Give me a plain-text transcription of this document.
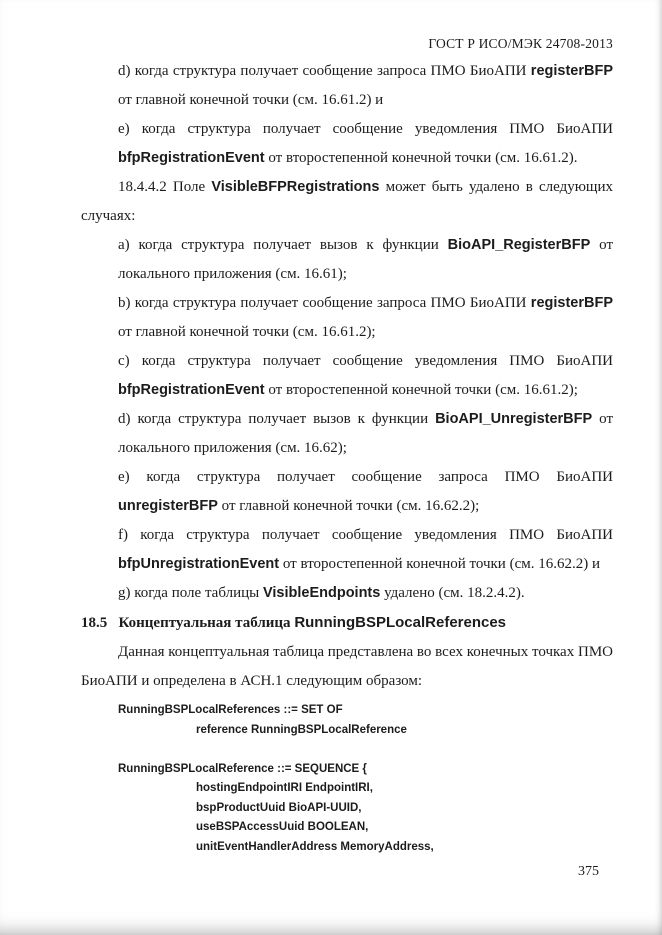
ГОСТ Р ИСО/МЭК 24708-2013

d) когда структура получает сообщение запроса ПМО БиоАПИ registerBFP от главной конечной точки (см. 16.61.2) и

e) когда структура получает сообщение уведомления ПМО БиоАПИ bfpRegistrationEvent от второстепенной конечной точки (см. 16.61.2).

18.4.4.2 Поле VisibleBFPRegistrations может быть удалено в следующих случаях:

a) когда структура получает вызов к функции BioAPI_RegisterBFP от локального приложения (см. 16.61);

b) когда структура получает сообщение запроса ПМО БиоАПИ registerBFP от главной конечной точки (см. 16.61.2);

c) когда структура получает сообщение уведомления ПМО БиоАПИ bfpRegistrationEvent от второстепенной конечной точки (см. 16.61.2);

d) когда структура получает вызов к функции BioAPI_UnregisterBFP от локального приложения (см. 16.62);

e) когда структура получает сообщение запроса ПМО БиоАПИ unregisterBFP от главной конечной точки (см. 16.62.2);

f) когда структура получает сообщение уведомления ПМО БиоАПИ bfpUnregistrationEvent от второстепенной конечной точки (см. 16.62.2) и

g) когда поле таблицы VisibleEndpoints удалено (см. 18.2.4.2).

18.5   Концептуальная таблица RunningBSPLocalReferences

Данная концептуальная таблица представлена во всех конечных точках ПМО БиоАПИ и определена в АСН.1 следующим образом:

RunningBSPLocalReferences ::= SET OF
reference RunningBSPLocalReference
RunningBSPLocalReference ::= SEQUENCE {
hostingEndpointIRI EndpointIRI,
bspProductUuid BioAPI-UUID,
useBSPAccessUuid BOOLEAN,
unitEventHandlerAddress MemoryAddress,
375
